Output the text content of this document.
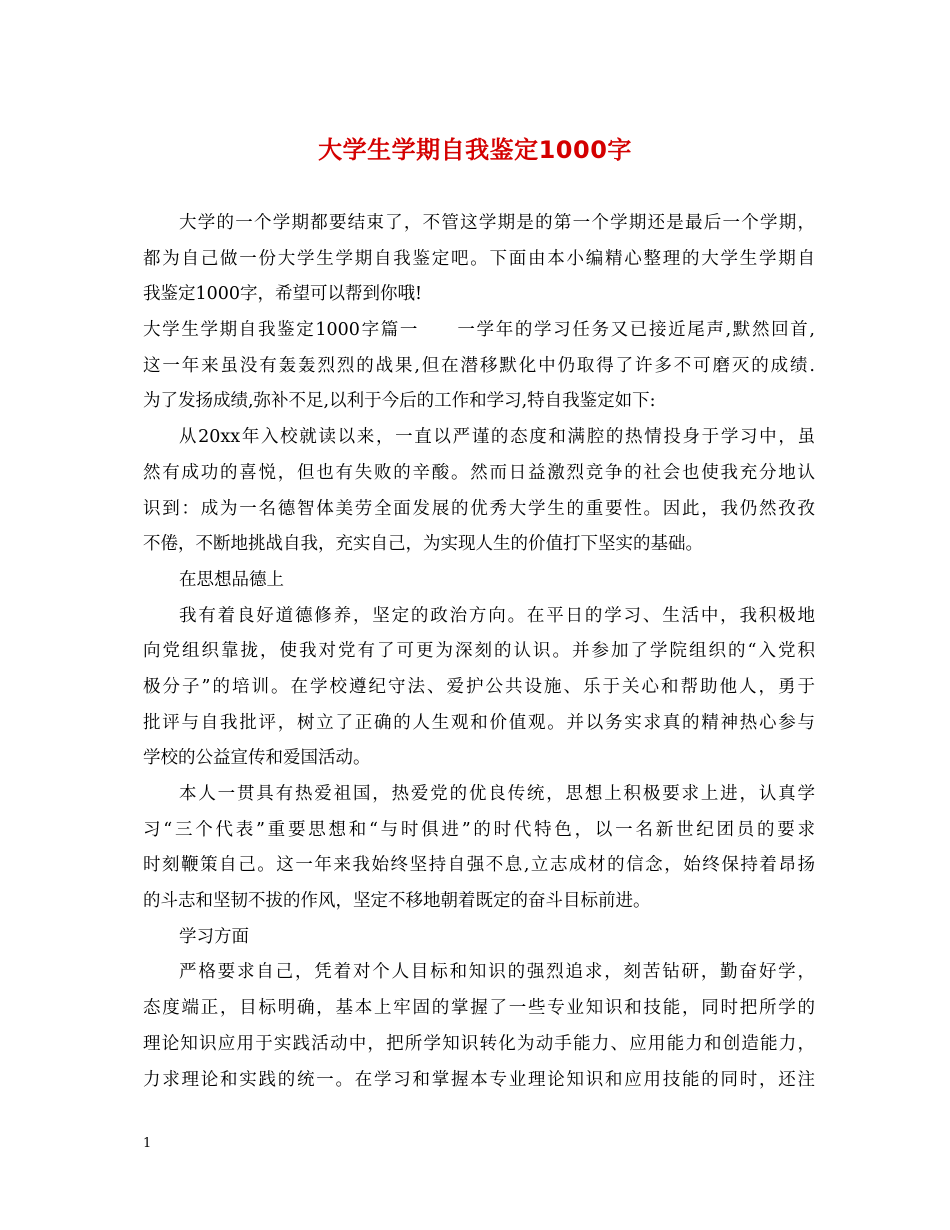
大学生学期自我鉴定1000字
大学的一个学期都要结束了，不管这学期是的第一个学期还是最后一个学期，
都为自己做一份大学生学期自我鉴定吧。下面由本小编精心整理的大学生学期自
我鉴定1000字，希望可以帮到你哦!
大学生学期自我鉴定1000字篇一　　一学年的学习任务又已接近尾声,默然回首,
这一年来虽没有轰轰烈烈的战果,但在潜移默化中仍取得了许多不可磨灭的成绩.
为了发扬成绩,弥补不足,以利于今后的工作和学习,特自我鉴定如下:
从20xx年入校就读以来，一直以严谨的态度和满腔的热情投身于学习中，虽
然有成功的喜悦，但也有失败的辛酸。然而日益激烈竞争的社会也使我充分地认
识到：成为一名德智体美劳全面发展的优秀大学生的重要性。因此，我仍然孜孜
不倦，不断地挑战自我，充实自己，为实现人生的价值打下坚实的基础。
在思想品德上
我有着良好道德修养，坚定的政治方向。在平日的学习、生活中，我积极地
向党组织靠拢，使我对党有了可更为深刻的认识。并参加了学院组织的“入党积
极分子”的培训。在学校遵纪守法、爱护公共设施、乐于关心和帮助他人，勇于
批评与自我批评，树立了正确的人生观和价值观。并以务实求真的精神热心参与
学校的公益宣传和爱国活动。
本人一贯具有热爱祖国，热爱党的优良传统，思想上积极要求上进，认真学
习“三个代表”重要思想和“与时俱进”的时代特色，以一名新世纪团员的要求
时刻鞭策自己。这一年来我始终坚持自强不息,立志成材的信念，始终保持着昂扬
的斗志和坚韧不拔的作风，坚定不移地朝着既定的奋斗目标前进。
学习方面
严格要求自己，凭着对个人目标和知识的强烈追求，刻苦钻研，勤奋好学，
态度端正，目标明确，基本上牢固的掌握了一些专业知识和技能，同时把所学的
理论知识应用于实践活动中，把所学知识转化为动手能力、应用能力和创造能力，
力求理论和实践的统一。在学习和掌握本专业理论知识和应用技能的同时，还注
1
